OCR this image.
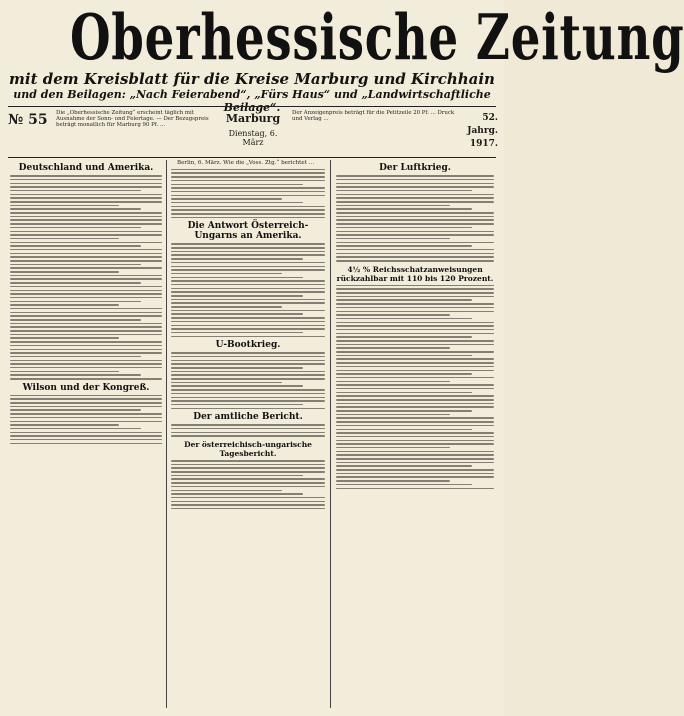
Oberhessische Zeitung
mit dem Kreisblatt für die Kreise Marburg und Kirchhain
und den Beilagen: „Nach Feierabend“, „Fürs Haus“ und „Landwirtschaftliche Beilage“.
№ 55	Die „Oberhessische Zeitung“ erscheint täglich mit Ausnahme der Sonn- und Feiertage. — Der Bezugspreis beträgt monatlich für Marburg 90 Pf. ...
Marburg
Dienstag, 6. März
Der Anzeigenpreis beträgt für die Petitzeile 20 Pf. ... Druck und Verlag ...	52. Jahrg.
1917.
Deutschland und Amerika.
Wilson und der Kongreß.

Berlin, 6. März. Wie die „Voss. Ztg.“ berichtet ...

Die Antwort Österreich-Ungarns an Amerika.
U-Bootkrieg.
Der amtliche Bericht.
Der österreichisch-ungarische Tagesbericht.
Der Luftkrieg.
4½ % Reichsschatzanweisungen rückzahlbar mit 110 bis 120 Prozent.
